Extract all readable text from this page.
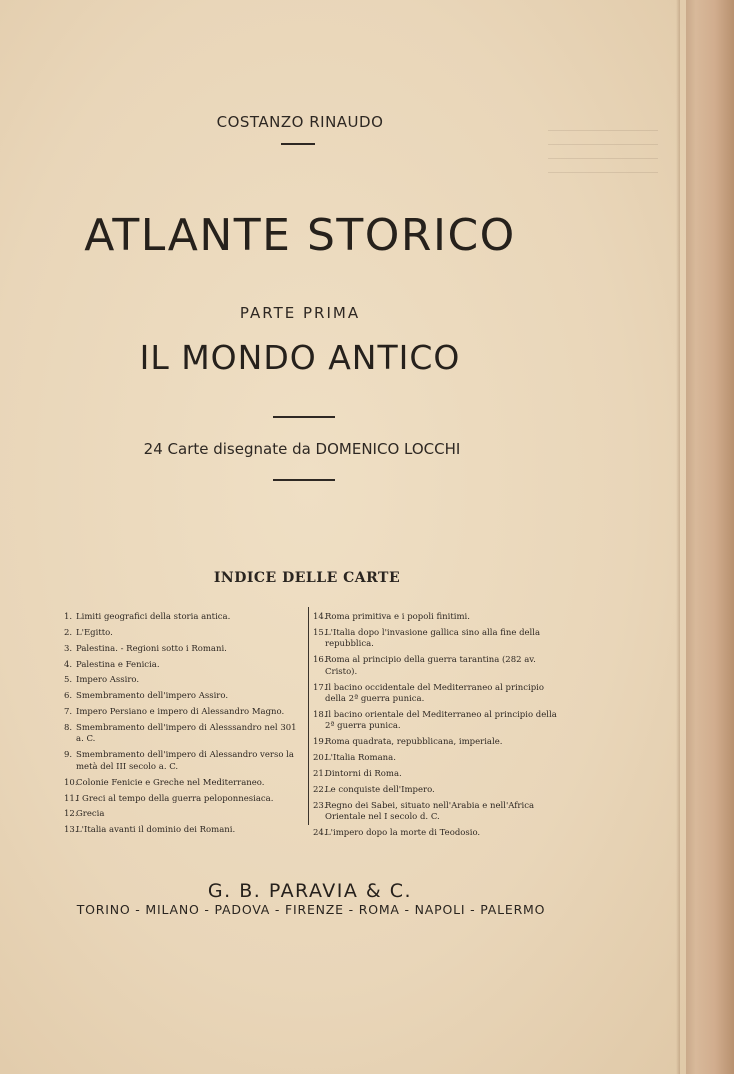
COSTANZO RINAUDO
ATLANTE STORICO
PARTE PRIMA
IL MONDO ANTICO
24 Carte disegnate da DOMENICO LOCCHI
INDICE DELLE CARTE
1. Limiti geografici della storia antica.
2. L'Egitto.
3. Palestina. - Regioni sotto i Romani.
4. Palestina e Fenicia.
5. Impero Assiro.
6. Smembramento dell'impero Assiro.
7. Impero Persiano e impero di Alessandro Magno.
8. Smembramento dell'impero di Alesssandro nel 301 a. C.
9. Smembramento dell'impero di Alessandro verso la metà del III secolo a. C.
10.
Colonie Fenicie e Greche nel Mediterraneo.
11.
I Greci al tempo della guerra peloponnesiaca.
12.
Grecia
13.
L'Italia avanti il dominio dei Romani.
14.
Roma primitiva e i popoli finitimi.
15.
L'Italia dopo l'invasione gallica sino alla fine della repubblica.
16.
Roma al principio della guerra tarantina (282 av. Cristo).
17.
Il bacino occidentale del Mediterraneo al principio della 2ª guerra punica.
18.
Il bacino orientale del Mediterraneo al principio della 2ª guerra punica.
19.
Roma quadrata, repubblicana, imperiale.
20.
L'Italia Romana.
21.
Dintorni di Roma.
22.
Le conquiste dell'Impero.
23.
Regno dei Sabei, situato nell'Arabia e nell'Africa Orientale nel I secolo d. C.
24.
L'impero dopo la morte di Teodosio.
G. B. PARAVIA & C.
TORINO - MILANO - PADOVA - FIRENZE - ROMA - NAPOLI - PALERMO
​
